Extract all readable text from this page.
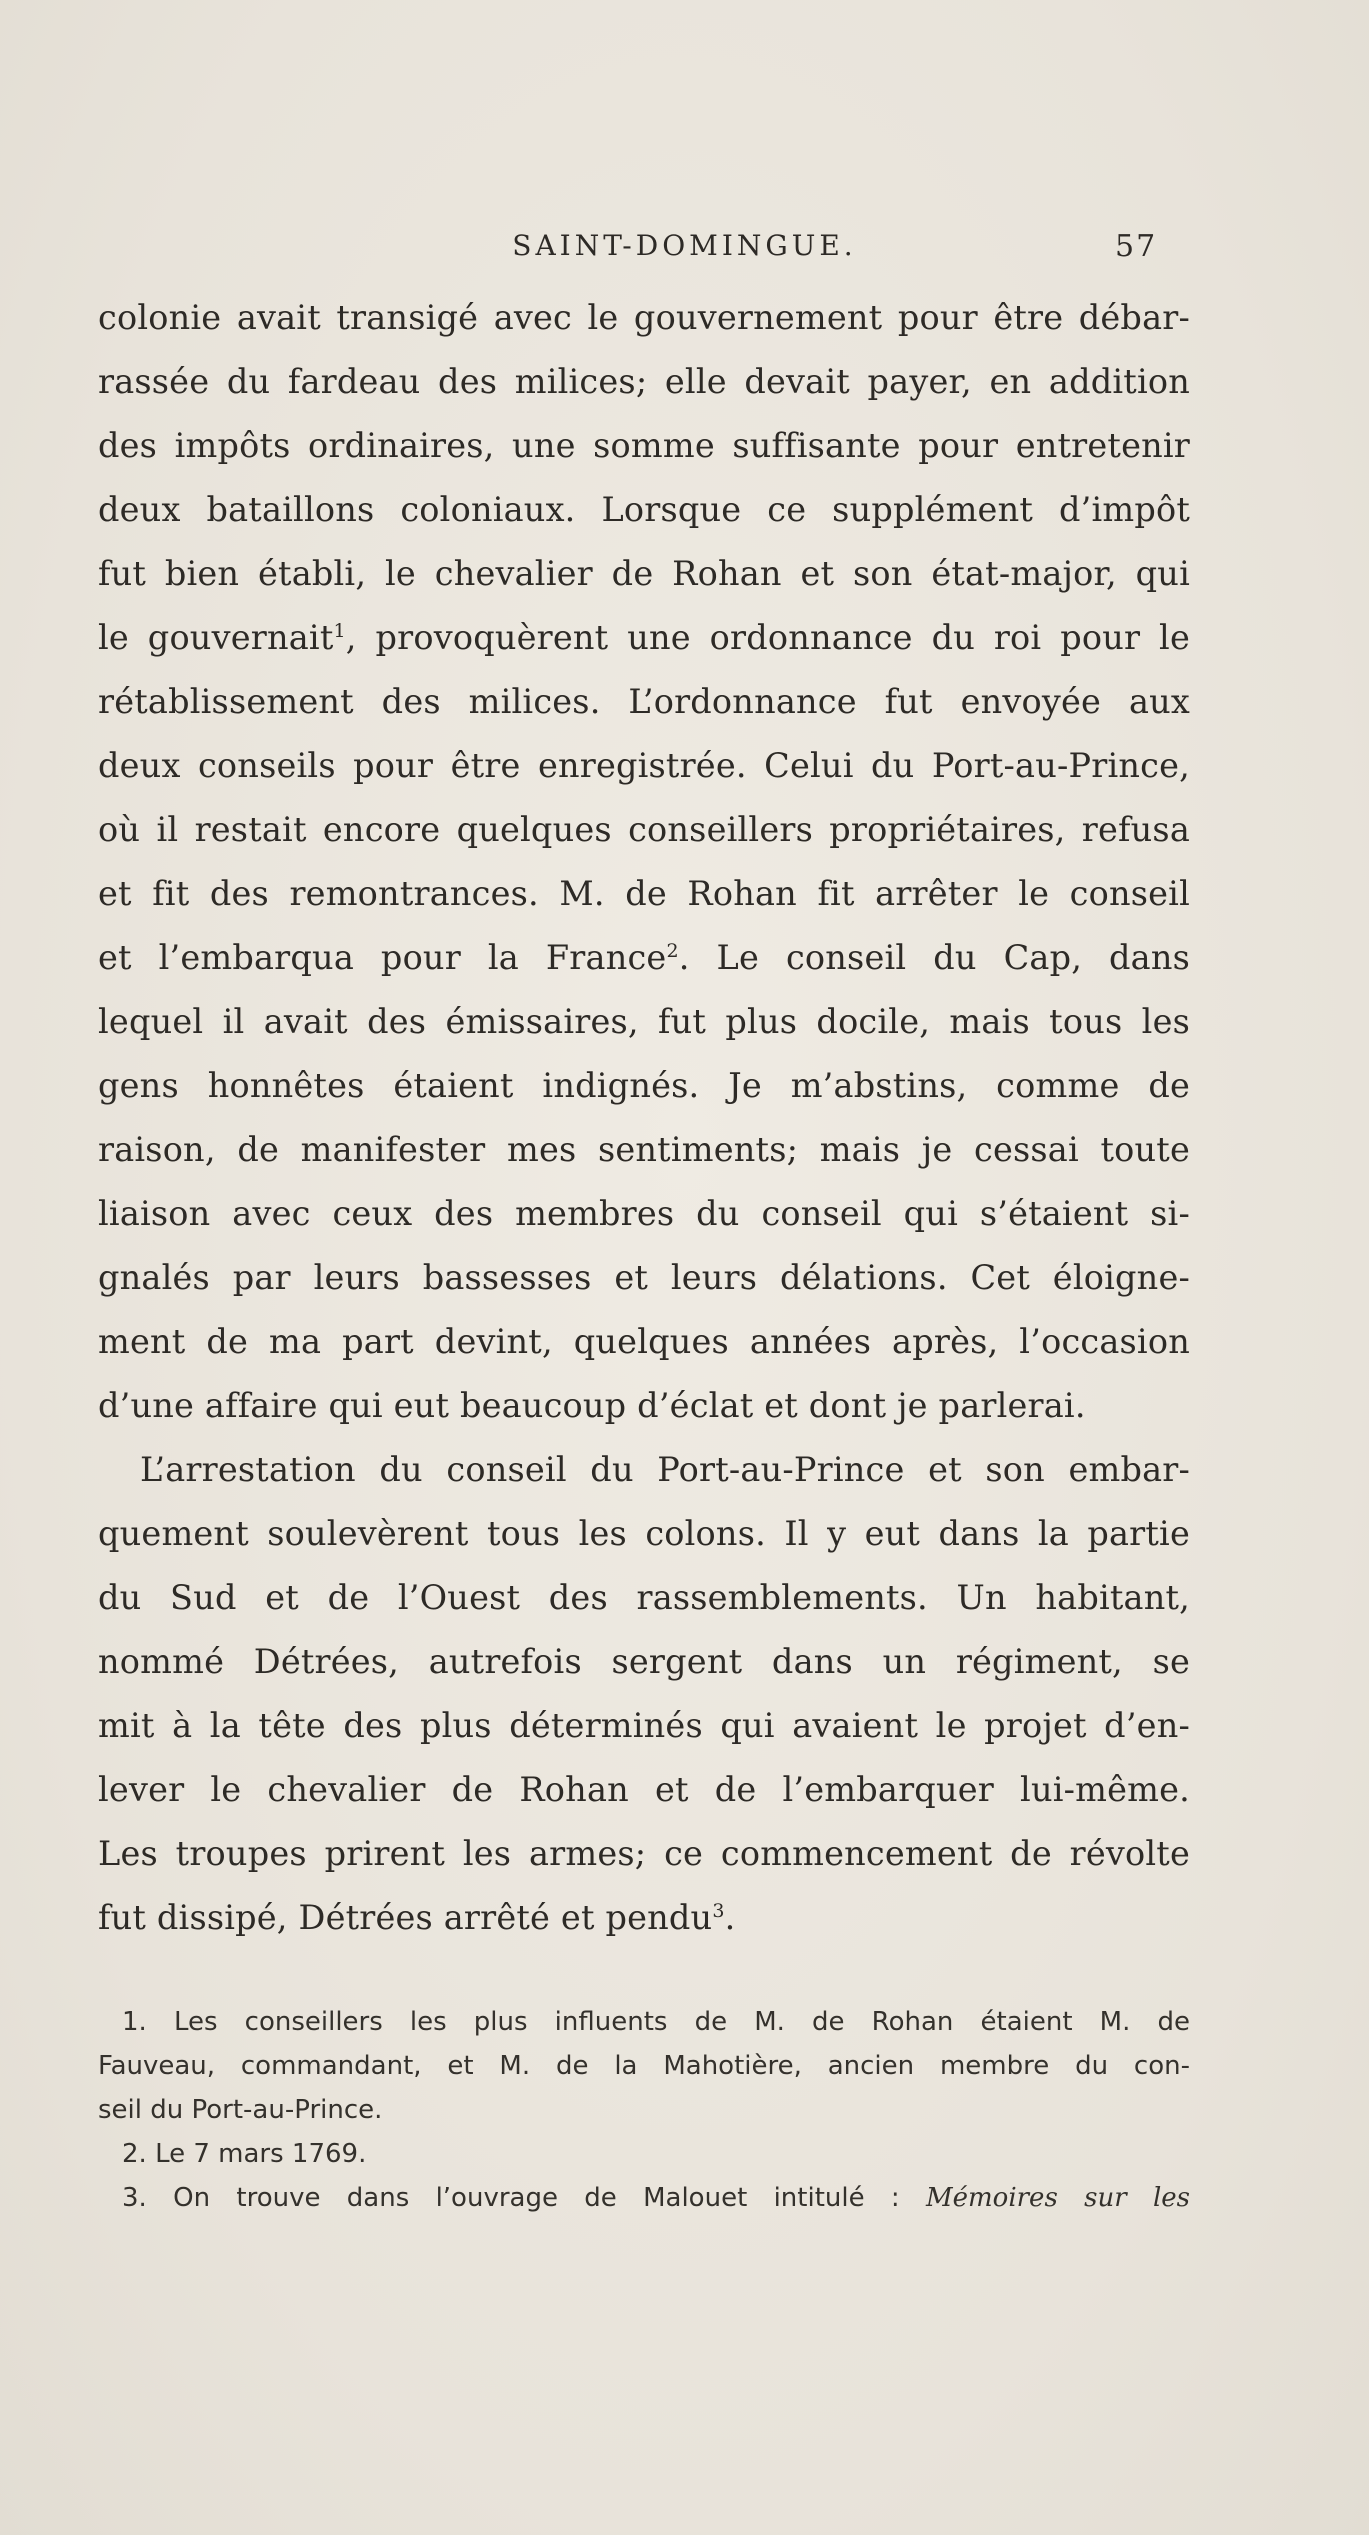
SAINT-DOMINGUE.	57
colonie avait transigé avec le gouvernement pour être débar-
rassée du fardeau des milices; elle devait payer, en addition
des impôts ordinaires, une somme suffisante pour entretenir
deux bataillons coloniaux. Lorsque ce supplément d’impôt
fut bien établi, le chevalier de Rohan et son état-major, qui
le gouvernait$^1$, provoquèrent une ordonnance du roi pour le
rétablissement des milices. L’ordonnance fut envoyée aux
deux conseils pour être enregistrée. Celui du Port-au-Prince,
où il restait encore quelques conseillers propriétaires, refusa
et fit des remontrances. M. de Rohan fit arrêter le conseil
et l’embarqua pour la France$^2$. Le conseil du Cap, dans
lequel il avait des émissaires, fut plus docile, mais tous les
gens honnêtes étaient indignés. Je m’abstins, comme de
raison, de manifester mes sentiments; mais je cessai toute
liaison avec ceux des membres du conseil qui s’étaient si-
gnalés par leurs bassesses et leurs délations. Cet éloigne-
ment de ma part devint, quelques années après, l’occasion
d’une affaire qui eut beaucoup d’éclat et dont je parlerai.
L’arrestation du conseil du Port-au-Prince et son embar-
quement soulevèrent tous les colons. Il y eut dans la partie
du Sud et de l’Ouest des rassemblements. Un habitant,
nommé Détrées, autrefois sergent dans un régiment, se
mit à la tête des plus déterminés qui avaient le projet d’en-
lever le chevalier de Rohan et de l’embarquer lui-même.
Les troupes prirent les armes; ce commencement de révolte
fut dissipé, Détrées arrêté et pendu$^3$.
1. Les conseillers les plus influents de M. de Rohan étaient M. de
Fauveau, commandant, et M. de la Mahotière, ancien membre du con-
seil du Port-au-Prince.
2. Le 7 mars 1769.
3. On trouve dans l’ouvrage de Malouet intitulé : Mémoires sur les
